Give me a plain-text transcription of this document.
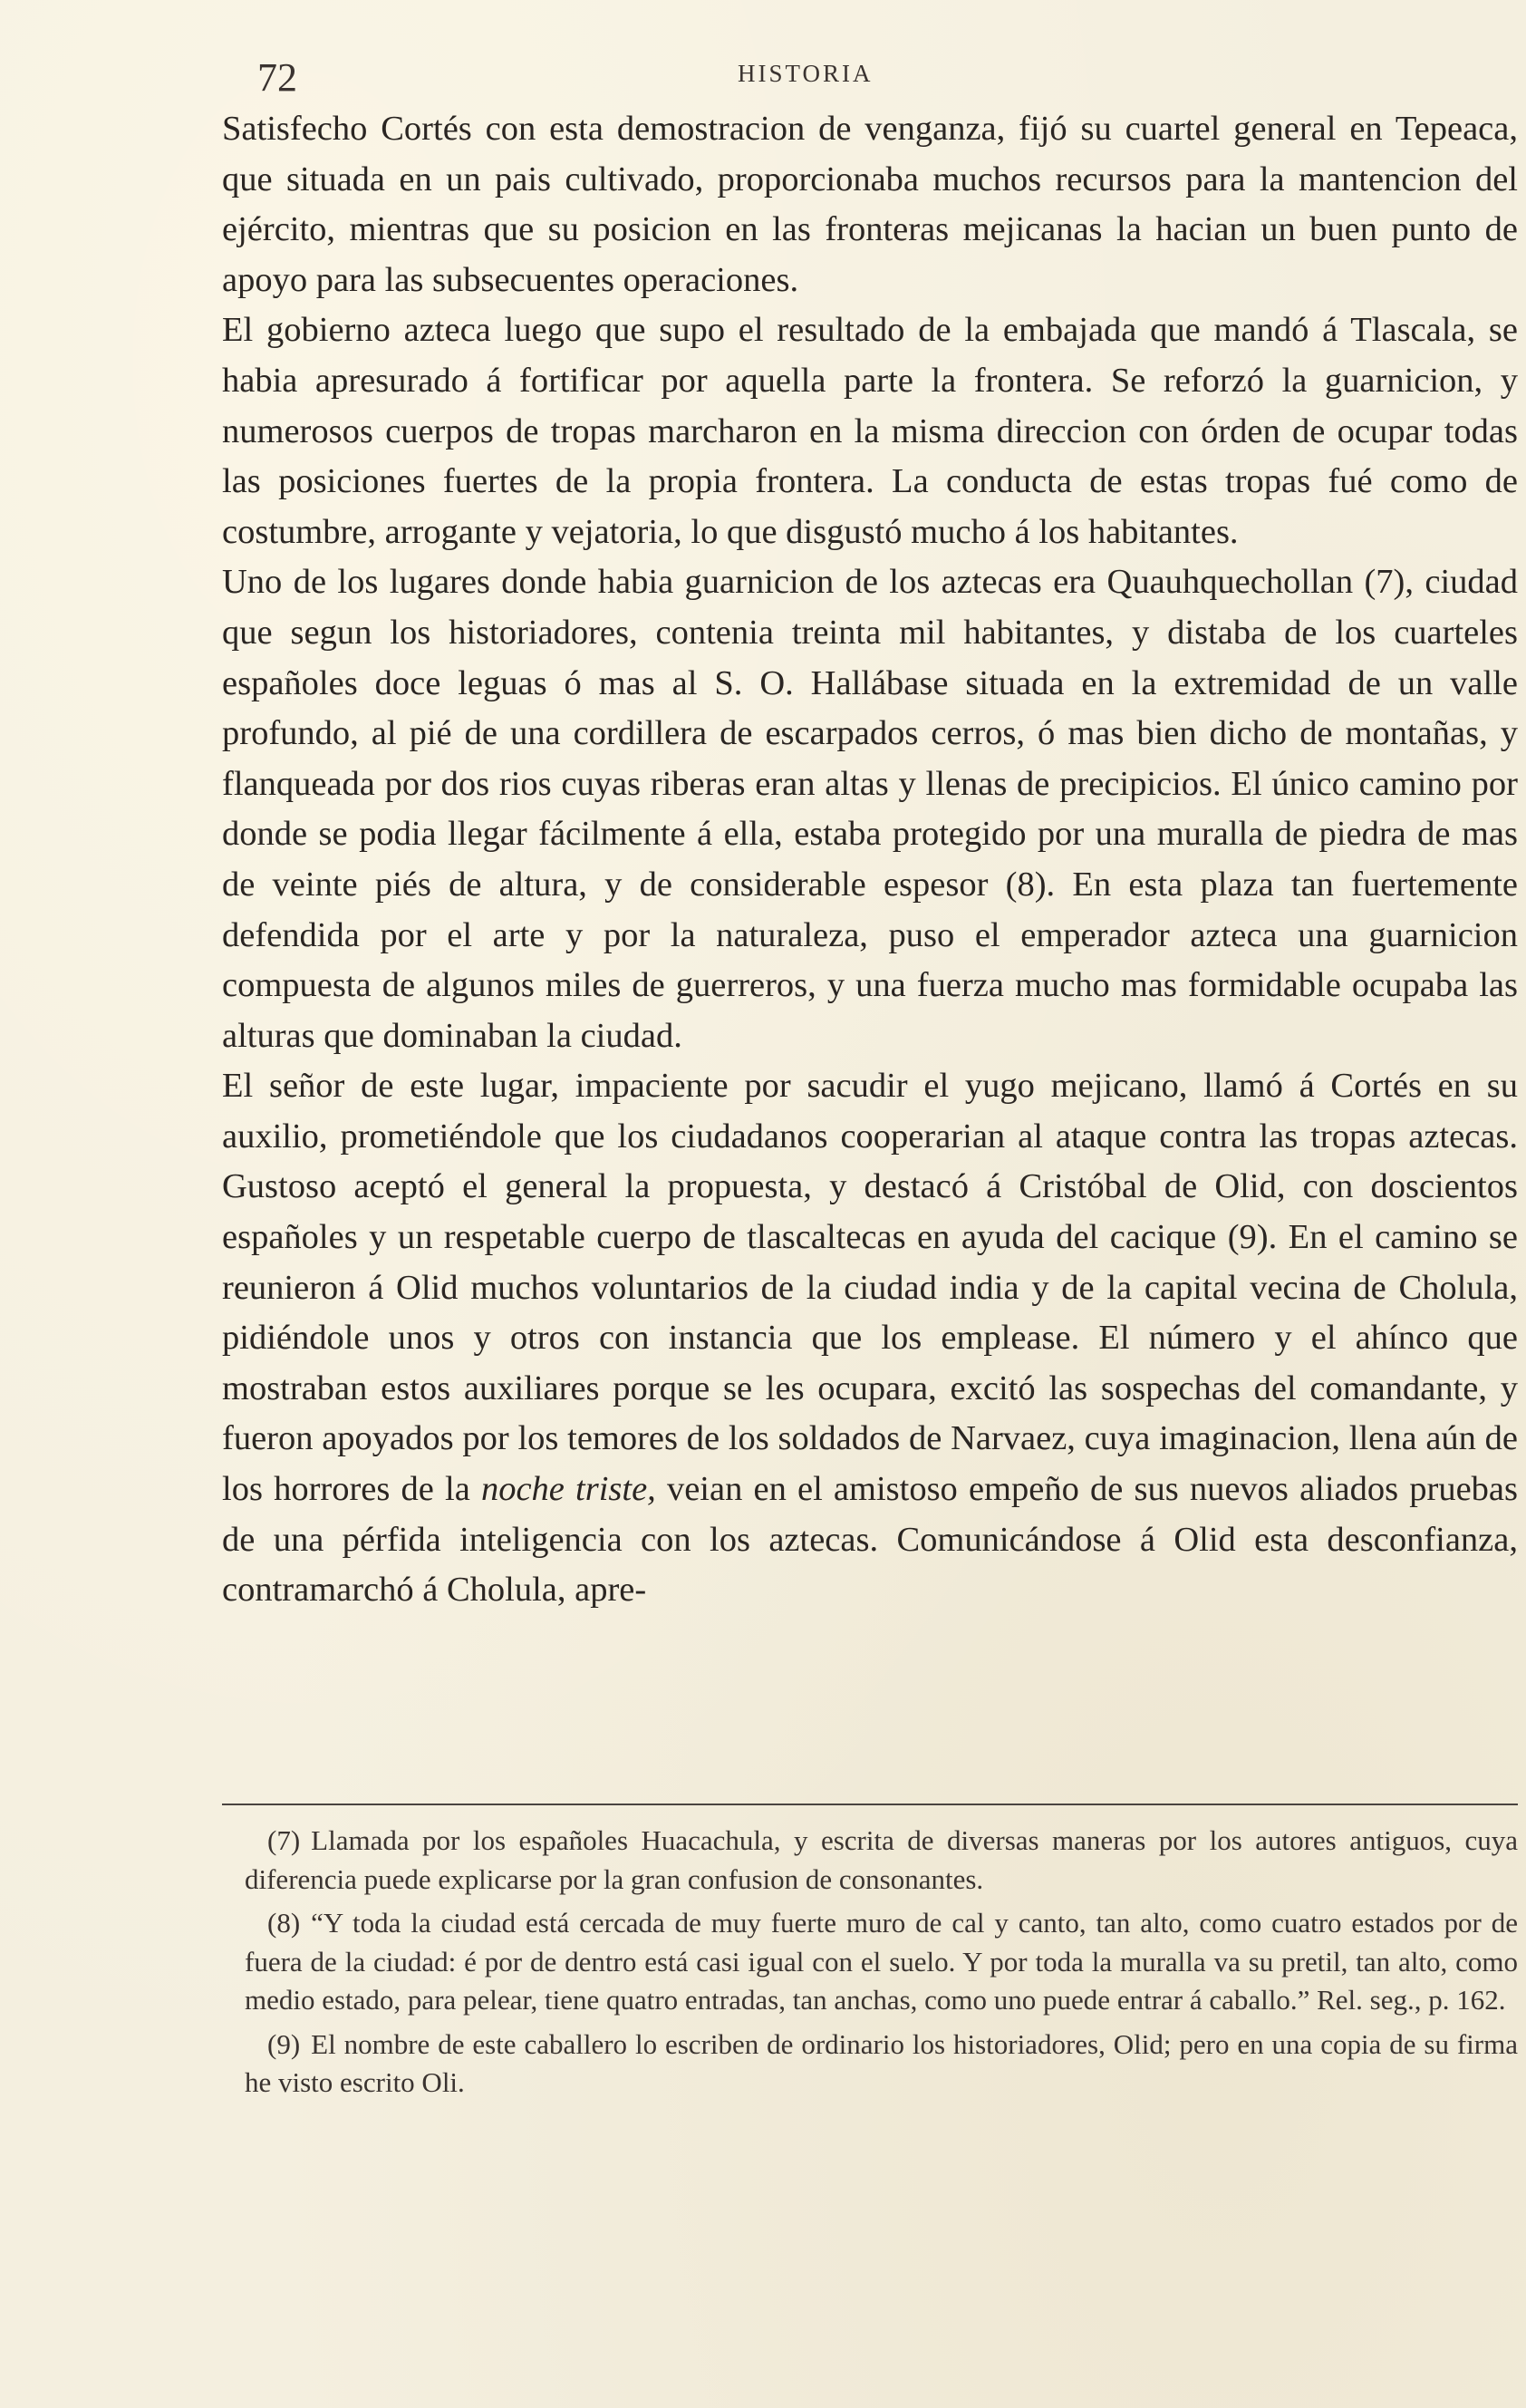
72	HISTORIA

Satisfecho Cortés con esta demostracion de venganza, fijó su cuartel general en Tepeaca, que situada en un pais cultivado, proporcionaba muchos recursos para la mantencion del ejército, mientras que su posicion en las fronteras mejicanas la hacian un buen punto de apoyo para las subsecuentes operaciones.

El gobierno azteca luego que supo el resultado de la embajada que mandó á Tlascala, se habia apresurado á fortificar por aquella parte la frontera. Se reforzó la guarnicion, y numerosos cuerpos de tropas marcharon en la misma direccion con órden de ocupar todas las posiciones fuertes de la propia frontera. La conducta de estas tropas fué como de costumbre, arrogante y vejatoria, lo que disgustó mucho á los habitantes.

Uno de los lugares donde habia guarnicion de los aztecas era Quauhquechollan (7), ciudad que segun los historiadores, contenia treinta mil habitantes, y distaba de los cuarteles españoles doce leguas ó mas al S. O. Hallábase situada en la extremidad de un valle profundo, al pié de una cordillera de escarpados cerros, ó mas bien dicho de montañas, y flanqueada por dos rios cuyas riberas eran altas y llenas de precipicios. El único camino por donde se podia llegar fácilmente á ella, estaba protegido por una muralla de piedra de mas de veinte piés de altura, y de considerable espesor (8). En esta plaza tan fuertemente defendida por el arte y por la naturaleza, puso el emperador azteca una guarnicion compuesta de algunos miles de guerreros, y una fuerza mucho mas formidable ocupaba las alturas que dominaban la ciudad.

El señor de este lugar, impaciente por sacudir el yugo mejicano, llamó á Cortés en su auxilio, prometiéndole que los ciudadanos cooperarian al ataque contra las tropas aztecas. Gustoso aceptó el general la propuesta, y destacó á Cristóbal de Olid, con doscientos españoles y un respetable cuerpo de tlascaltecas en ayuda del cacique (9). En el camino se reunieron á Olid muchos voluntarios de la ciudad india y de la capital vecina de Cholula, pidiéndole unos y otros con instancia que los emplease. El número y el ahínco que mostraban estos auxiliares porque se les ocupara, excitó las sospechas del comandante, y fueron apoyados por los temores de los soldados de Narvaez, cuya imaginacion, llena aún de los horrores de la noche triste, veian en el amistoso empeño de sus nuevos aliados pruebas de una pérfida inteligencia con los aztecas. Comunicándose á Olid esta desconfianza, contramarchó á Cholula, apre-

(7) Llamada por los españoles Huacachula, y escrita de diversas maneras por los autores antiguos, cuya diferencia puede explicarse por la gran confusion de consonantes.

(8) “Y toda la ciudad está cercada de muy fuerte muro de cal y canto, tan alto, como cuatro estados por de fuera de la ciudad: é por de dentro está casi igual con el suelo. Y por toda la muralla va su pretil, tan alto, como medio estado, para pelear, tiene quatro entradas, tan anchas, como uno puede entrar á caballo.” Rel. seg., p. 162.

(9) El nombre de este caballero lo escriben de ordinario los historiadores, Olid; pero en una copia de su firma he visto escrito Oli.
